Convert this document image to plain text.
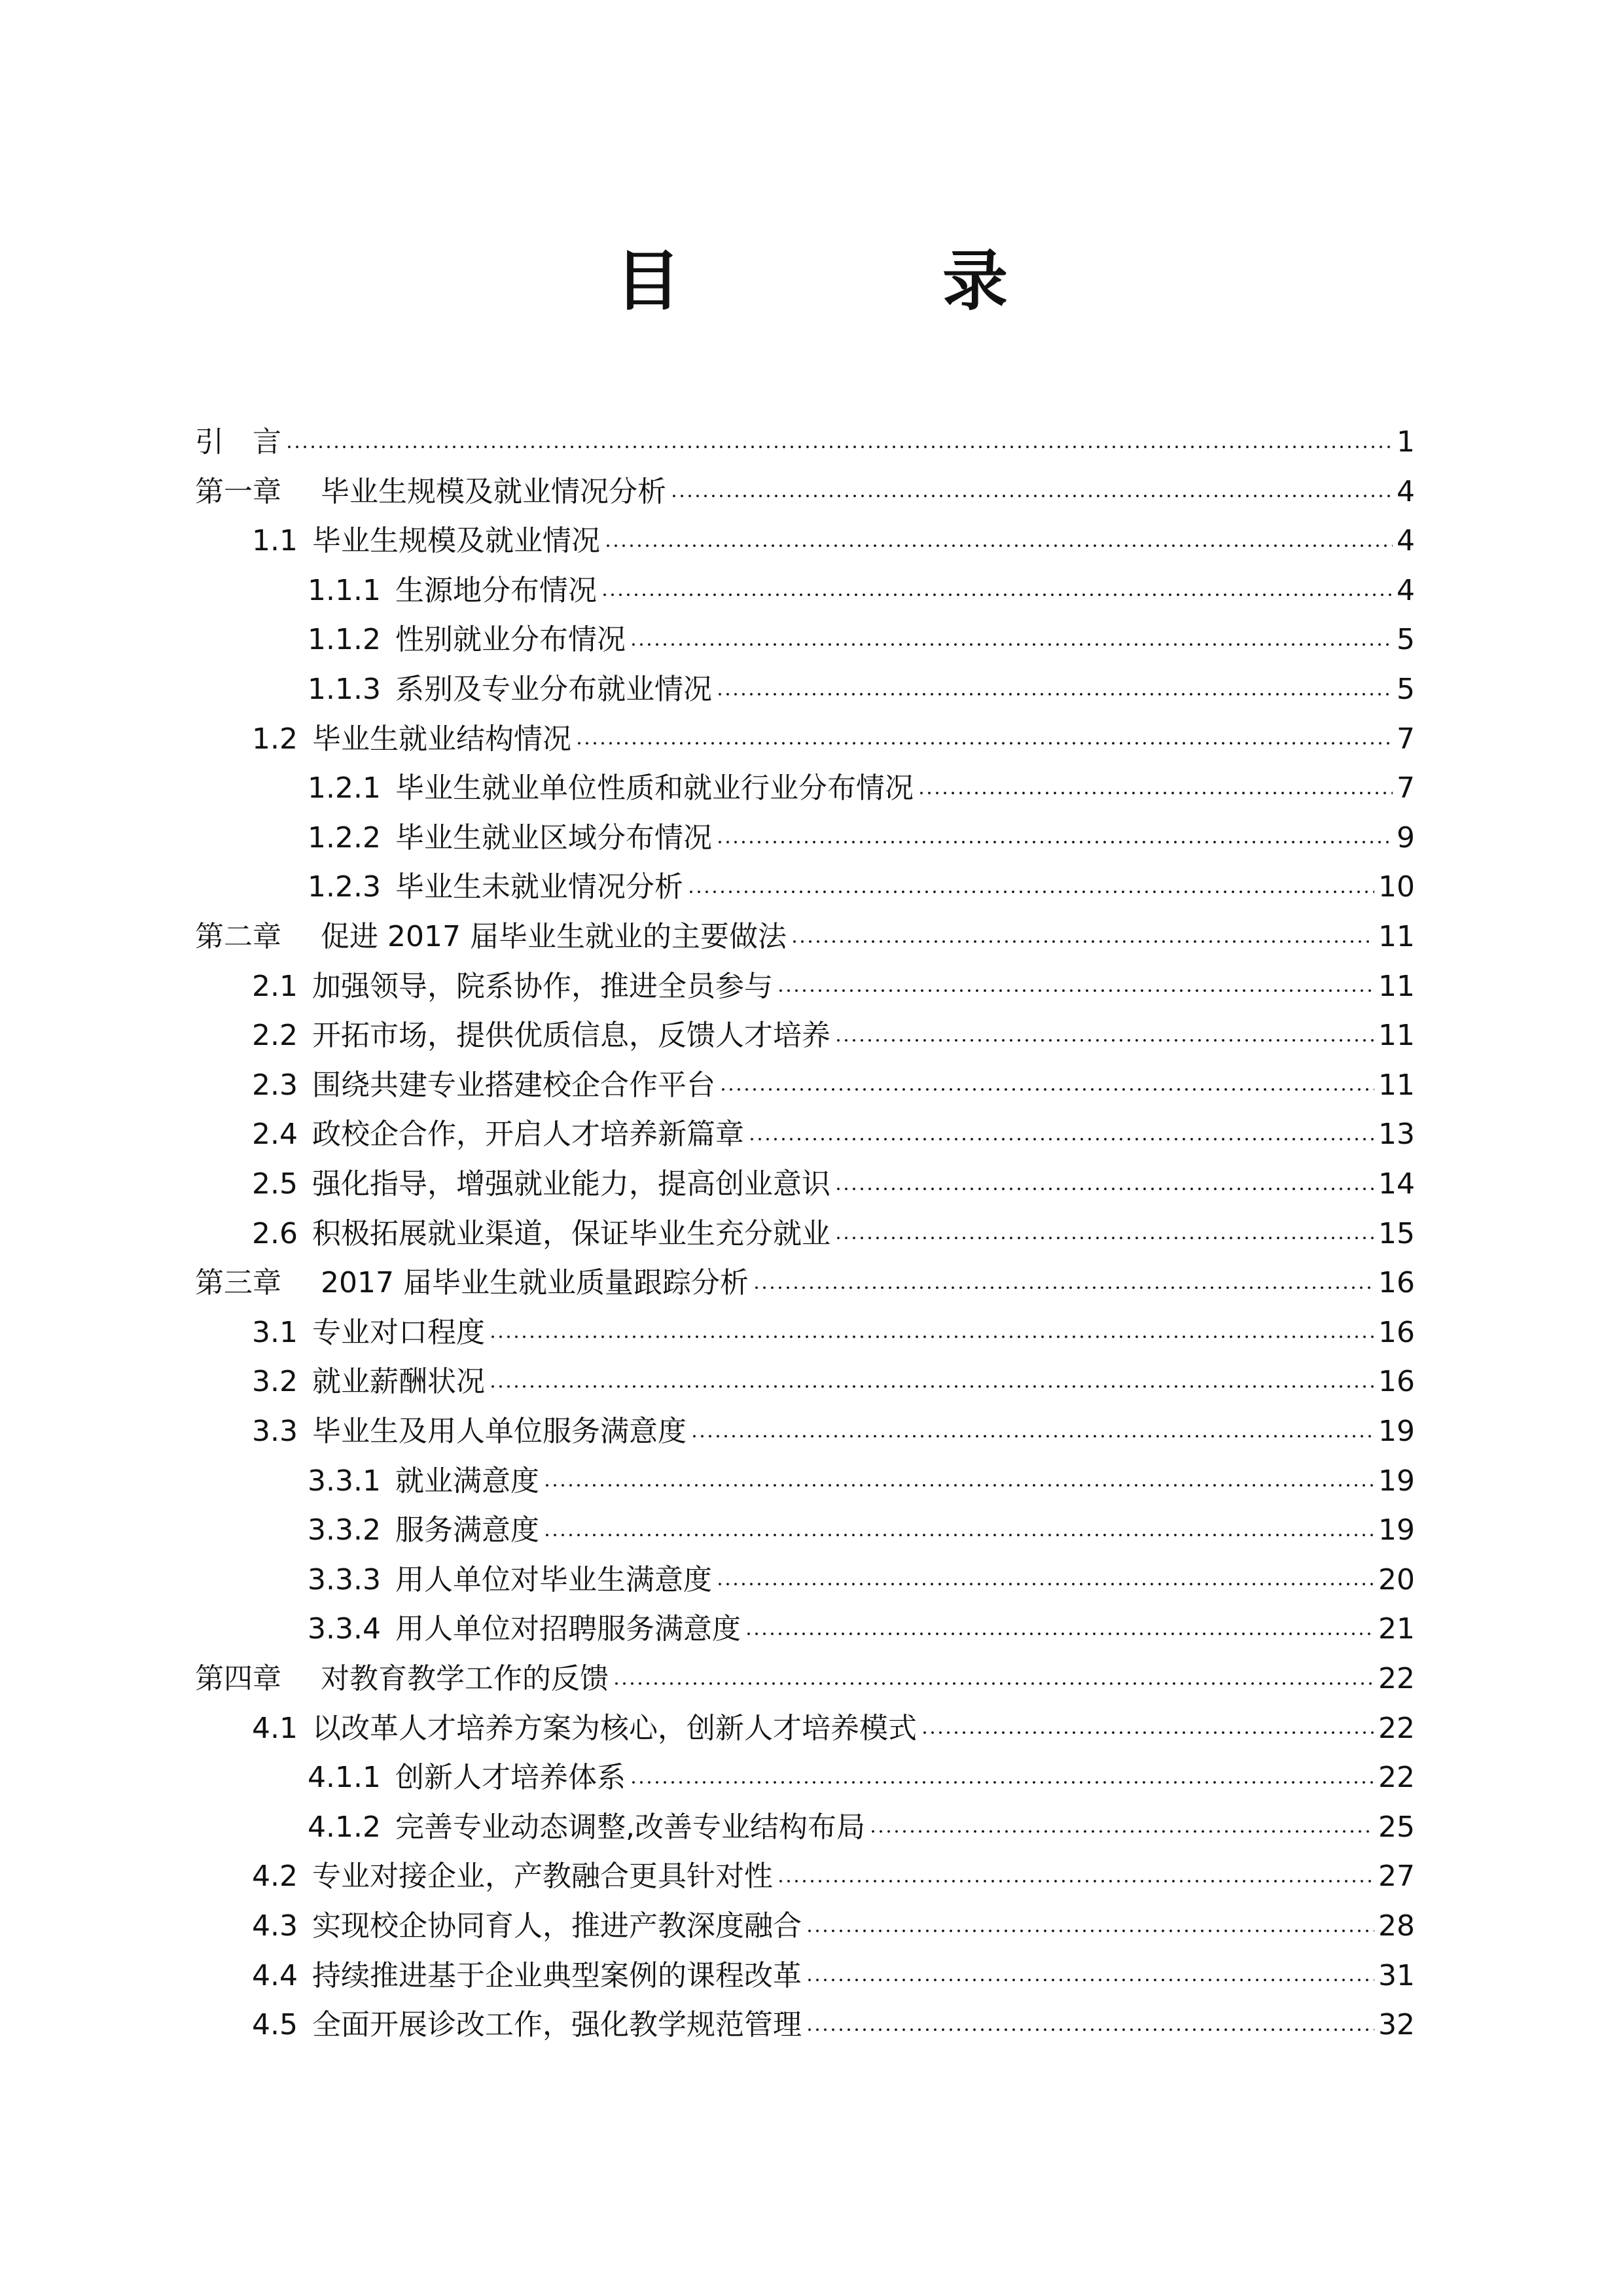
目　录
引　言	1
第一章 毕业生规模及就业情况分析	4
1.1 毕业生规模及就业情况	4
1.1.1 生源地分布情况	4
1.1.2 性别就业分布情况	5
1.1.3 系别及专业分布就业情况	5
1.2 毕业生就业结构情况	7
1.2.1 毕业生就业单位性质和就业行业分布情况	7
1.2.2 毕业生就业区域分布情况	9
1.2.3 毕业生未就业情况分析	10
第二章 促进 2017 届毕业生就业的主要做法	11
2.1 加强领导，院系协作，推进全员参与	11
2.2 开拓市场，提供优质信息，反馈人才培养	11
2.3 围绕共建专业搭建校企合作平台	11
2.4 政校企合作，开启人才培养新篇章	13
2.5 强化指导，增强就业能力，提高创业意识	14
2.6 积极拓展就业渠道，保证毕业生充分就业	15
第三章 2017 届毕业生就业质量跟踪分析	16
3.1 专业对口程度	16
3.2 就业薪酬状况	16
3.3 毕业生及用人单位服务满意度	19
3.3.1 就业满意度	19
3.3.2 服务满意度	19
3.3.3 用人单位对毕业生满意度	20
3.3.4 用人单位对招聘服务满意度	21
第四章 对教育教学工作的反馈	22
4.1 以改革人才培养方案为核心，创新人才培养模式	22
4.1.1 创新人才培养体系	22
4.1.2 完善专业动态调整,改善专业结构布局	25
4.2 专业对接企业，产教融合更具针对性	27
4.3 实现校企协同育人，推进产教深度融合	28
4.4 持续推进基于企业典型案例的课程改革	31
4.5 全面开展诊改工作，强化教学规范管理	32
